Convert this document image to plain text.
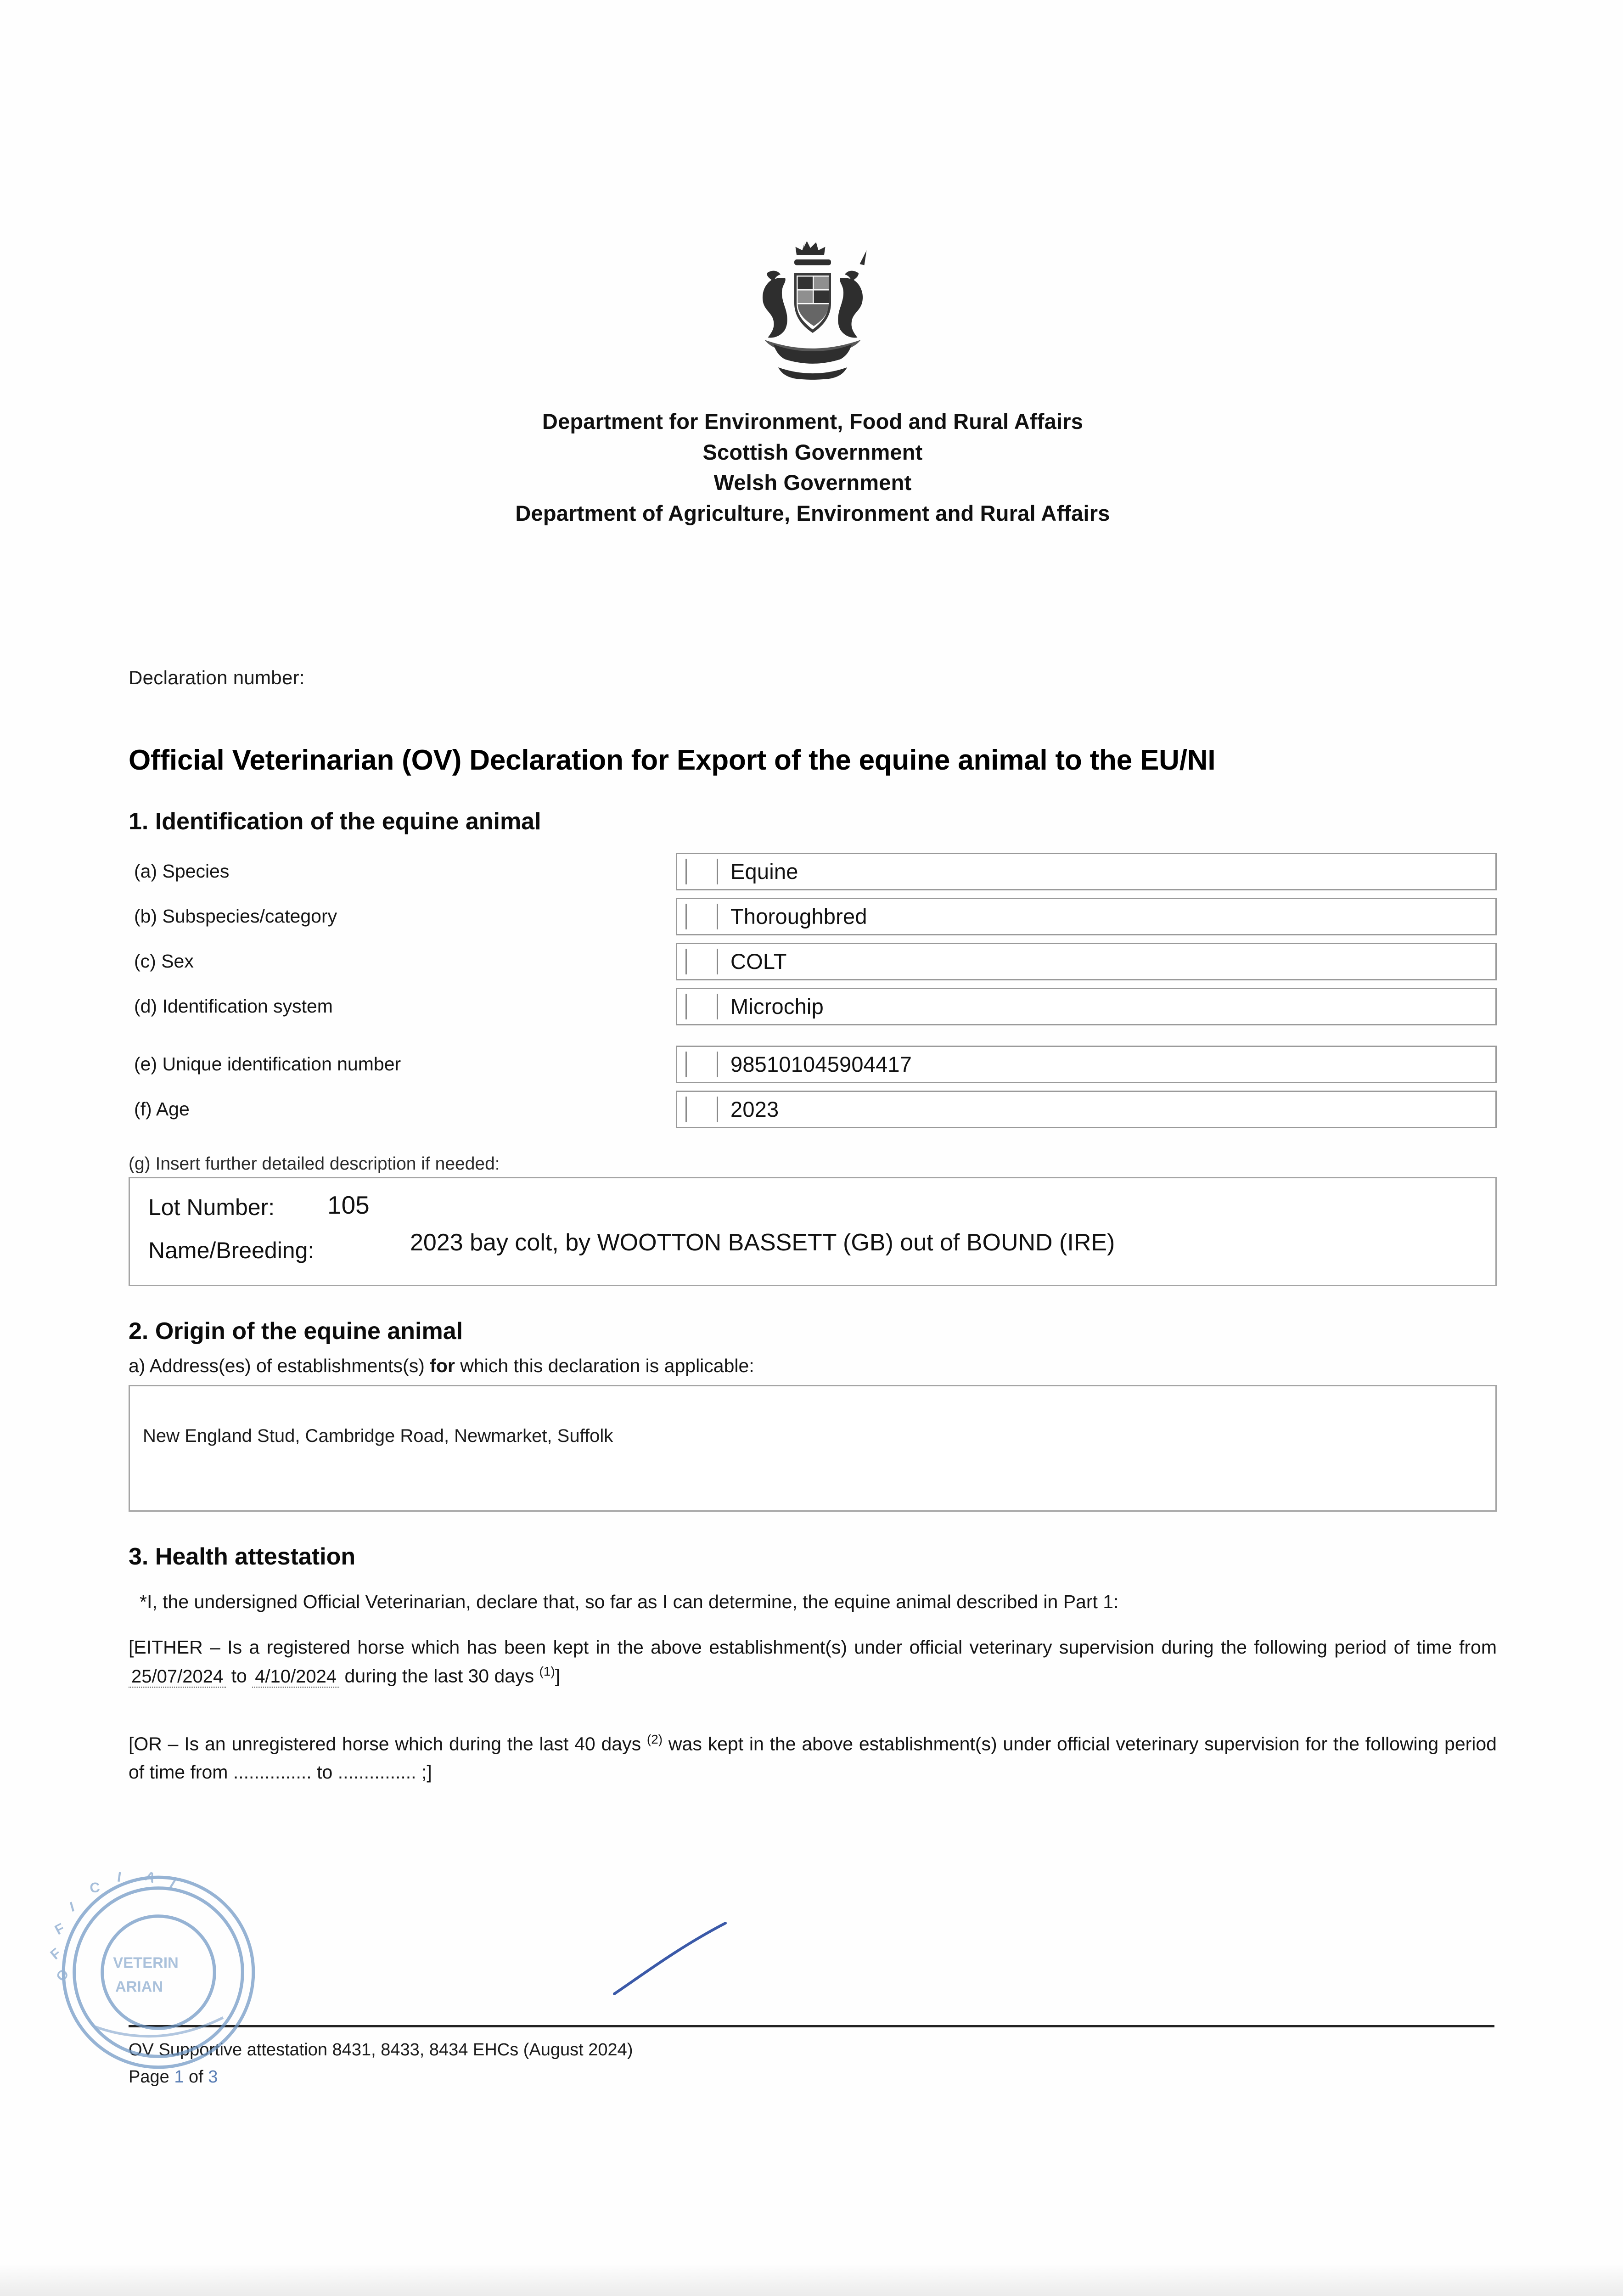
Department for Environment, Food and Rural Affairs
Scottish Government
Welsh Government
Department of Agriculture, Environment and Rural Affairs
Declaration number:
Official Veterinarian (OV) Declaration for Export of the equine animal to the EU/NI
1. Identification of the equine animal
(a) Species	Equine
(b) Subspecies/category	Thoroughbred
(c) Sex	COLT
(d) Identification system	Microchip
(e) Unique identification number	985101045904417
(f) Age	2023
(g) Insert further detailed description if needed:
Lot Number: 105
Name/Breeding:	2023 bay colt, by WOOTTON BASSETT (GB) out of BOUND (IRE)
2. Origin of the equine animal
a) Address(es) of establishments(s) for which this declaration is applicable:
New England Stud, Cambridge Road, Newmarket, Suffolk
3. Health attestation
*I, the undersigned Official Veterinarian, declare that, so far as I can determine, the equine animal described in Part 1:
[EITHER – Is a registered horse which has been kept in the above establishment(s) under official veterinary supervision during the following period of time from 25/07/2024 to 4/10/2024 during the last 30 days $^{(1)}$]
[OR – Is an unregistered horse which during the last 40 days $^{(2)}$ was kept in the above establishment(s) under official veterinary supervision for the following period of time from ............... to ............... ;]
OV Supportive attestation 8431, 8433, 8434 EHCs (August 2024)
Page 1 of 3
O
F
F
I
C
I	A L
VETERIN
ARIAN
